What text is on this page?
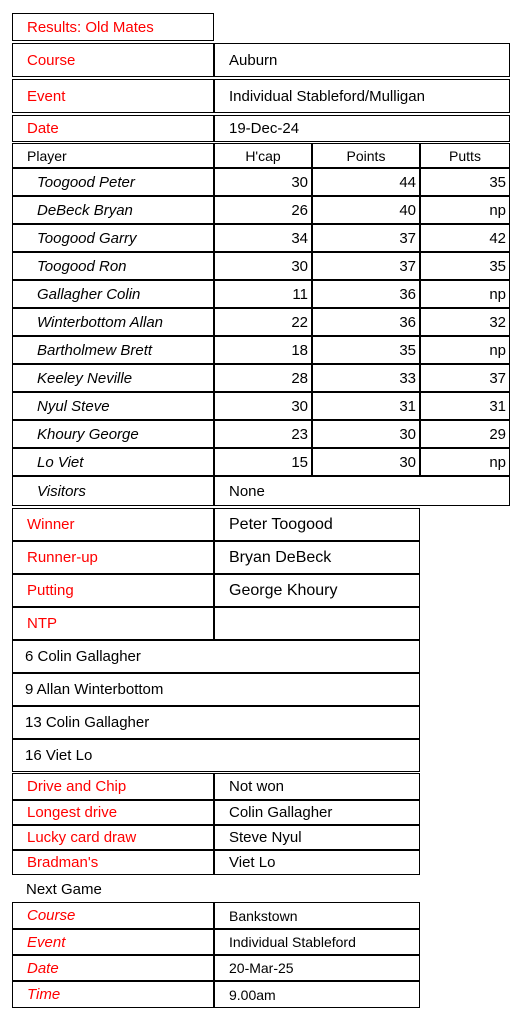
Results: Old Mates
Course	Auburn
Event	Individual Stableford/Mulligan
Date	19-Dec-24
Player	H'cap	Points	Putts
Toogood Peter	30	44	35
DeBeck Bryan	26	40	np
Toogood Garry	34	37	42
Toogood Ron	30	37	35
Gallagher Colin	11	36	np
Winterbottom Allan	22	36	32
Bartholmew Brett	18	35	np
Keeley Neville	28	33	37
Nyul Steve	30	31	31
Khoury George	23	30	29
Lo Viet	15	30	np
Visitors	None
Winner	Peter Toogood
Runner-up	Bryan DeBeck
Putting	George Khoury
NTP
6 Colin Gallagher
9 Allan Winterbottom
13 Colin Gallagher
16 Viet Lo
Drive and Chip	Not won
Longest drive	Colin Gallagher
Lucky card draw	Steve Nyul
Bradman's	Viet Lo
Next Game
Course	Bankstown
Event	Individual Stableford
Date	20-Mar-25
Time	9.00am
